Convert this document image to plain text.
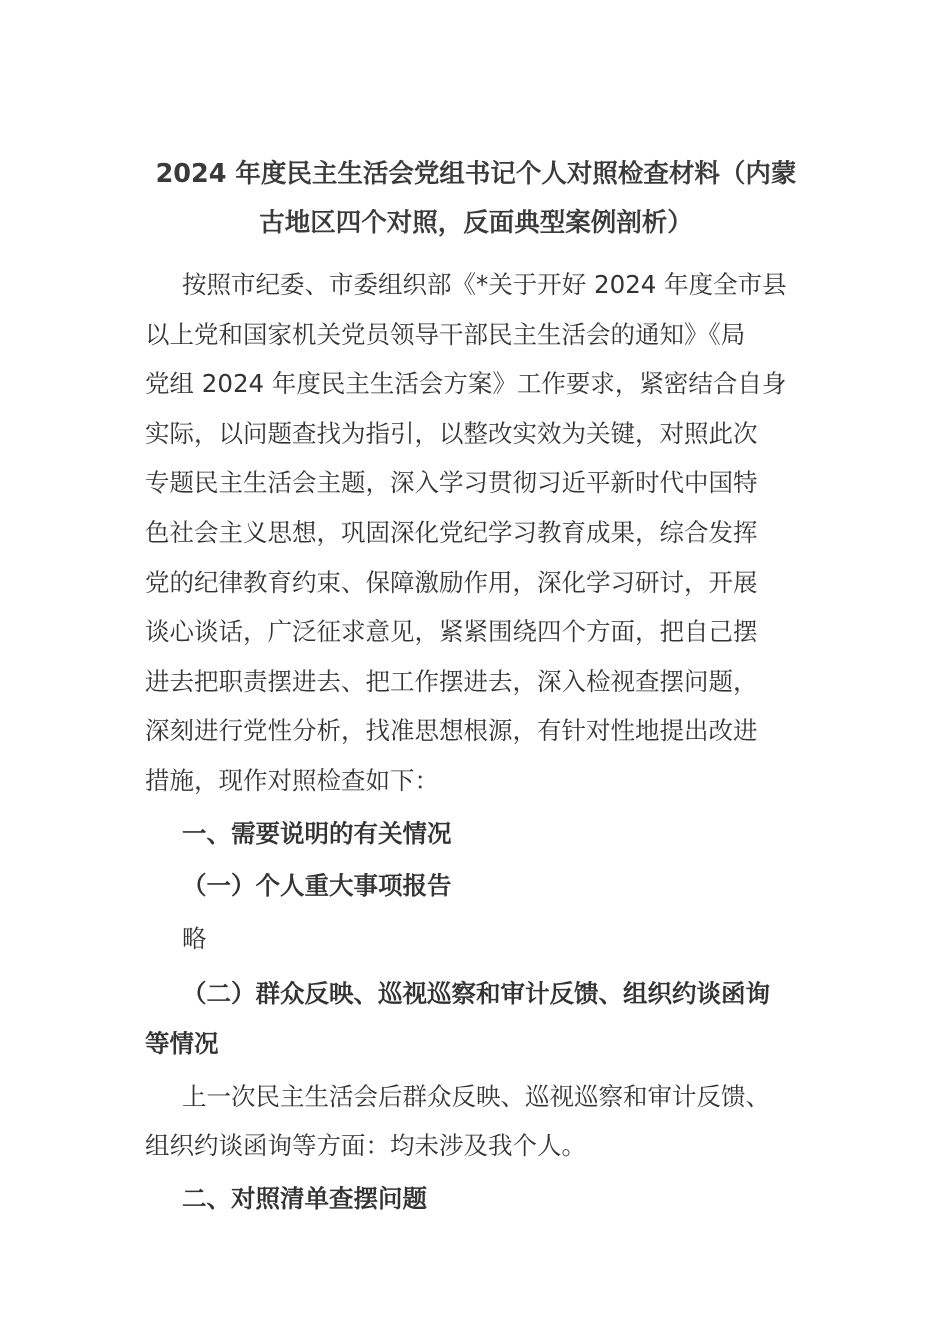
2024 年度民主生活会党组书记个人对照检查材料（内蒙
古地区四个对照，反面典型案例剖析）

按照市纪委、市委组织部《*关于开好 2024 年度全市县
以上党和国家机关党员领导干部民主生活会的通知》《局
党组 2024 年度民主生活会方案》工作要求，紧密结合自身
实际，以问题查找为指引，以整改实效为关键，对照此次
专题民主生活会主题，深入学习贯彻习近平新时代中国特
色社会主义思想，巩固深化党纪学习教育成果，综合发挥
党的纪律教育约束、保障激励作用，深化学习研讨，开展
谈心谈话，广泛征求意见，紧紧围绕四个方面，把自己摆
进去把职责摆进去、把工作摆进去，深入检视查摆问题，
深刻进行党性分析，找准思想根源，有针对性地提出改进
措施，现作对照检查如下：

一、需要说明的有关情况
（一）个人重大事项报告
略
（二）群众反映、巡视巡察和审计反馈、组织约谈函询
等情况

上一次民主生活会后群众反映、巡视巡察和审计反馈、
组织约谈函询等方面：均未涉及我个人。

二、对照清单查摆问题
